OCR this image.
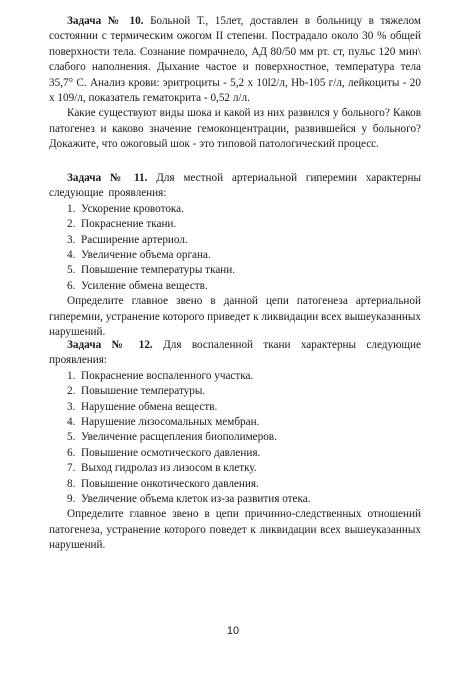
Задача № 10. Больной Т., 15лет, доставлен в больницу в тяжелом состоянии с термическим ожогом II степени. Пострадало около 30 % общей поверхности тела. Сознание помрачнело, АД 80/50 мм рт. ст, пульс 120 мин\ слабого наполнения. Дыхание частое и поверхностное, температура тела 35,7° С. Анализ крови: эритроциты - 5,2 х 10l2/л, Hb-105 г/л, лейкоциты - 20 х 109/л, показатель гематокрита - 0,52 л/л.

Какие существуют виды шока и какой из них развился у больного? Каков патогенез и каково значение гемоконцентрации, развившейся у больного? Докажите, что ожоговый шок - это типовой патологический процесс.

Задача № 11. Для местной артериальной гиперемии характерны следующие проявления:

1. Ускорение кровотока.
2. Покраснение ткани.
3. Расширение артериол.
4. Увеличение объема органа.
5. Повышение температуры ткани.
6. Усиление обмена веществ.

Определите главное звено в данной цепи патогенеза артериальной гиперемии, устранение которого приведет к ликвидации всех вышеуказанных нарушений.

Задача № 12. Для воспаленной ткани характерны следующие проявления:

1. Покраснение воспаленного участка.
2. Повышение температуры.
3. Нарушение обмена веществ.
4. Нарушение лизосомальных мембран.
5. Увеличение расщепления биополимеров.
6. Повышение осмотического давления.
7. Выход гидролаз из лизосом в клетку.
8. Повышение онкотического давления.
9. Увеличение объема клеток из-за развития отека.

Определите главное звено в цепи причинно-следственных отношений патогенеза, устранение которого поведет к ликвидации всех вышеуказанных нарушений.

10
